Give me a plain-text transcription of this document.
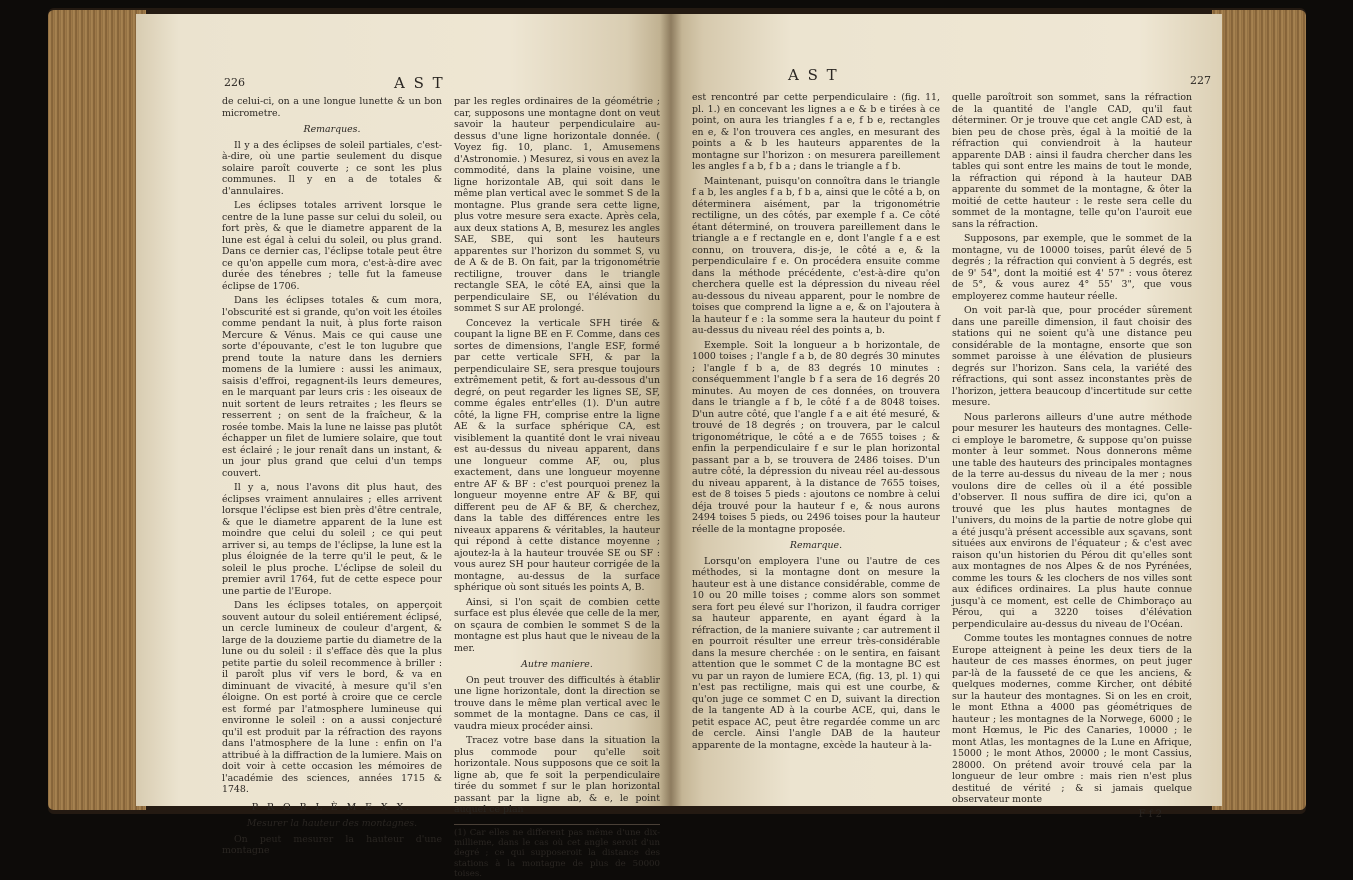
226	A S T

de celui-ci, on a une longue lunette & un bon micrometre.

Remarques.

Il y a des éclipses de soleil partiales, c'est-à-dire, où une partie seulement du disque solaire paroît couverte ; ce sont les plus communes. Il y en a de totales & d'annulaires.

Les éclipses totales arrivent lorsque le centre de la lune passe sur celui du soleil, ou fort près, & que le diametre apparent de la lune est égal à celui du soleil, ou plus grand. Dans ce dernier cas, l'éclipse totale peut être ce qu'on appelle cum mora, c'est-à-dire avec durée des ténebres ; telle fut la fameuse éclipse de 1706.

Dans les éclipses totales & cum mora, l'obscurité est si grande, qu'on voit les étoiles comme pendant la nuit, à plus forte raison Mercure & Vénus. Mais ce qui cause une sorte d'épouvante, c'est le ton lugubre que prend toute la nature dans les derniers momens de la lumiere : aussi les animaux, saisis d'effroi, regagnent-ils leurs demeures, en le marquant par leurs cris : les oiseaux de nuit sortent de leurs retraites ; les fleurs se resserrent ; on sent de la fraîcheur, & la rosée tombe. Mais la lune ne laisse pas plutôt échapper un filet de lumiere solaire, que tout est éclairé ; le jour renaît dans un instant, & un jour plus grand que celui d'un temps couvert.

Il y a, nous l'avons dit plus haut, des éclipses vraiment annulaires ; elles arrivent lorsque l'éclipse est bien près d'être centrale, & que le diametre apparent de la lune est moindre que celui du soleil ; ce qui peut arriver si, au temps de l'éclipse, la lune est la plus éloignée de la terre qu'il le peut, & le soleil le plus proche. L'éclipse de soleil du premier avril 1764, fut de cette espece pour une partie de l'Europe.

Dans les éclipses totales, on apperçoit souvent autour du soleil entiérement éclipsé, un cercle lumineux de couleur d'argent, & large de la douzieme partie du diametre de la lune ou du soleil : il s'efface dès que la plus petite partie du soleil recommence à briller : il paroît plus vif vers le bord, & va en diminuant de vivacité, à mesure qu'il s'en éloigne. On est porté à croire que ce cercle est formé par l'atmosphere lumineuse qui environne le soleil : on a aussi conjecturé qu'il est produit par la réfraction des rayons dans l'atmosphere de la lune : enfin on l'a attribué à la diffraction de la lumiere. Mais on doit voir à cette occasion les mémoires de l'académie des sciences, années 1715 & 1748.

P R O B L È M E X X.

Mesurer la hauteur des montagnes.

On peut mesurer la hauteur d'une montagne

par les regles ordinaires de la géométrie ; car, supposons une montagne dont on veut savoir la hauteur perpendiculaire au-dessus d'une ligne horizontale donnée. ( Voyez fig. 10, planc. 1, Amusemens d'Astronomie. ) Mesurez, si vous en avez la commodité, dans la plaine voisine, une ligne horizontale AB, qui soit dans le même plan vertical avec le sommet S de la montagne. Plus grande sera cette ligne, plus votre mesure sera exacte. Après cela, aux deux stations A, B, mesurez les angles SAE, SBE, qui sont les hauteurs apparentes sur l'horizon du sommet S, vu de A & de B. On fait, par la trigonométrie rectiligne, trouver dans le triangle rectangle SEA, le côté EA, ainsi que la perpendiculaire SE, ou l'élévation du sommet S sur AE prolongé.

Concevez la verticale SFH tirée & coupant la ligne BE en F. Comme, dans ces sortes de dimensions, l'angle ESF, formé par cette verticale SFH, & par la perpendiculaire SE, sera presque toujours extrêmement petit, & fort au-dessous d'un degré, on peut regarder les lignes SE, SF, comme égales entr'elles (1). D'un autre côté, la ligne FH, comprise entre la ligne AE & la surface sphérique CA, est visiblement la quantité dont le vrai niveau est au-dessus du niveau apparent, dans une longueur comme AF, ou, plus exactement, dans une longueur moyenne entre AF & BF : c'est pourquoi prenez la longueur moyenne entre AF & BF, qui different peu de AF & BF, & cherchez, dans la table des différences entre les niveaux apparens & véritables, la hauteur qui répond à cette distance moyenne ; ajoutez-la à la hauteur trouvée SE ou SF : vous aurez SH pour hauteur corrigée de la montagne, au-dessus de la surface sphérique où sont situés les points A, B.

Ainsi, si l'on sçait de combien cette surface est plus élevée que celle de la mer, on sçaura de combien le sommet S de la montagne est plus haut que le niveau de la mer.

Autre maniere.

On peut trouver des difficultés à établir une ligne horizontale, dont la direction se trouve dans le même plan vertical avec le sommet de la montagne. Dans ce cas, il vaudra mieux procéder ainsi.

Tracez votre base dans la situation la plus commode pour qu'elle soit horizontale. Nous supposons que ce soit la ligne ab, que fe soit la perpendiculaire tirée du sommet f sur le plan horizontal passant par la ligne ab, & e, le point auquel ce plan

(1) Car elles ne different pas même d'une dix-millieme, dans le cas où cet angle seroit d'un degré ; ce qui supposeroit la distance des stations à la montagne de plus de 50000 toises.
A S T	227

est rencontré par cette perpendiculaire : (fig. 11, pl. 1.) en concevant les lignes a e & b e tirées à ce point, on aura les triangles f a e, f b e, rectangles en e, & l'on trouvera ces angles, en mesurant des points a & b les hauteurs apparentes de la montagne sur l'horizon : on mesurera pareillement les angles f a b, f b a ; dans le triangle a f b.

Maintenant, puisqu'on connoîtra dans le triangle f a b, les angles f a b, f b a, ainsi que le côté a b, on déterminera aisément, par la trigonométrie rectiligne, un des côtés, par exemple f a. Ce côté étant déterminé, on trouvera pareillement dans le triangle a e f rectangle en e, dont l'angle f a e est connu, on trouvera, dis-je, le côté a e, & la perpendiculaire f e. On procédera ensuite comme dans la méthode précédente, c'est-à-dire qu'on cherchera quelle est la dépression du niveau réel au-dessous du niveau apparent, pour le nombre de toises que comprend la ligne a e, & on l'ajoutera à la hauteur f e : la somme sera la hauteur du point f au-dessus du niveau réel des points a, b.

Exemple. Soit la longueur a b horizontale, de 1000 toises ; l'angle f a b, de 80 degrés 30 minutes ; l'angle f b a, de 83 degrés 10 minutes : conséquemment l'angle b f a sera de 16 degrés 20 minutes. Au moyen de ces données, on trouvera dans le triangle a f b, le côté f a de 8048 toises. D'un autre côté, que l'angle f a e ait été mesuré, & trouvé de 18 degrés ; on trouvera, par le calcul trigonométrique, le côté a e de 7655 toises ; & enfin la perpendiculaire f e sur le plan horizontal passant par a b, se trouvera de 2486 toises. D'un autre côté, la dépression du niveau réel au-dessous du niveau apparent, à la distance de 7655 toises, est de 8 toises 5 pieds : ajoutons ce nombre à celui déja trouvé pour la hauteur f e, & nous aurons 2494 toises 5 pieds, ou 2496 toises pour la hauteur réelle de la montagne proposée.

Remarque.

Lorsqu'on employera l'une ou l'autre de ces méthodes, si la montagne dont on mesure la hauteur est à une distance considérable, comme de 10 ou 20 mille toises ; comme alors son sommet sera fort peu élevé sur l'horizon, il faudra corriger sa hauteur apparente, en ayant égard à la réfraction, de la maniere suivante ; car autrement il en pourroit résulter une erreur très-considérable dans la mesure cherchée : on le sentira, en faisant attention que le sommet C de la montagne BC est vu par un rayon de lumiere ECA, (fig. 13, pl. 1) qui n'est pas rectiligne, mais qui est une courbe, & qu'on juge ce sommet C en D, suivant la direction de la tangente AD à la courbe ACE, qui, dans le petit espace AC, peut être regardée comme un arc de cercle. Ainsi l'angle DAB de la hauteur apparente de la montagne, excède la hauteur à la-

quelle paroîtroit son sommet, sans la réfraction de la quantité de l'angle CAD, qu'il faut déterminer. Or je trouve que cet angle CAD est, à bien peu de chose près, égal à la moitié de la réfraction qui conviendroit à la hauteur apparente DAB : ainsi il faudra chercher dans les tables qui sont entre les mains de tout le monde, la réfraction qui répond à la hauteur DAB apparente du sommet de la montagne, & ôter la moitié de cette hauteur : le reste sera celle du sommet de la montagne, telle qu'on l'auroit eue sans la réfraction.

Supposons, par exemple, que le sommet de la montagne, vu de 10000 toises, parût élevé de 5 degrés ; la réfraction qui convient à 5 degrés, est de 9' 54", dont la moitié est 4' 57" : vous ôterez de 5°, & vous aurez 4° 55' 3", que vous employerez comme hauteur réelle.

On voit par-là que, pour procéder sûrement dans une pareille dimension, il faut choisir des stations qui ne soient qu'à une distance peu considérable de la montagne, ensorte que son sommet paroisse à une élévation de plusieurs degrés sur l'horizon. Sans cela, la variété des réfractions, qui sont assez inconstantes près de l'horizon, jettera beaucoup d'incertitude sur cette mesure.

Nous parlerons ailleurs d'une autre méthode pour mesurer les hauteurs des montagnes. Celle-ci employe le barometre, & suppose qu'on puisse monter à leur sommet. Nous donnerons même une table des hauteurs des principales montagnes de la terre au-dessus du niveau de la mer ; nous voulons dire de celles où il a été possible d'observer. Il nous suffira de dire ici, qu'on a trouvé que les plus hautes montagnes de l'univers, du moins de la partie de notre globe qui a été jusqu'à présent accessible aux sçavans, sont situées aux environs de l'équateur ; & c'est avec raison qu'un historien du Pérou dit qu'elles sont aux montagnes de nos Alpes & de nos Pyrénées, comme les tours & les clochers de nos villes sont aux édifices ordinaires. La plus haute connue jusqu'à ce moment, est celle de Chimboraço au Pérou, qui a 3220 toises d'élévation perpendiculaire au-dessus du niveau de l'Océan.

Comme toutes les montagnes connues de notre Europe atteignent à peine les deux tiers de la hauteur de ces masses énormes, on peut juger par-là de la fausseté de ce que les anciens, & quelques modernes, comme Kircher, ont débité sur la hauteur des montagnes. Si on les en croit, le mont Ethna a 4000 pas géométriques de hauteur ; les montagnes de la Norwege, 6000 ; le mont Hœmus, le Pic des Canaries, 10000 ; le mont Atlas, les montagnes de la Lune en Afrique, 15000 ; le mont Athos, 20000 ; le mont Cassius, 28000. On prétend avoir trouvé cela par la longueur de leur ombre : mais rien n'est plus destitué de vérité ; & si jamais quelque observateur monte

F f 2
